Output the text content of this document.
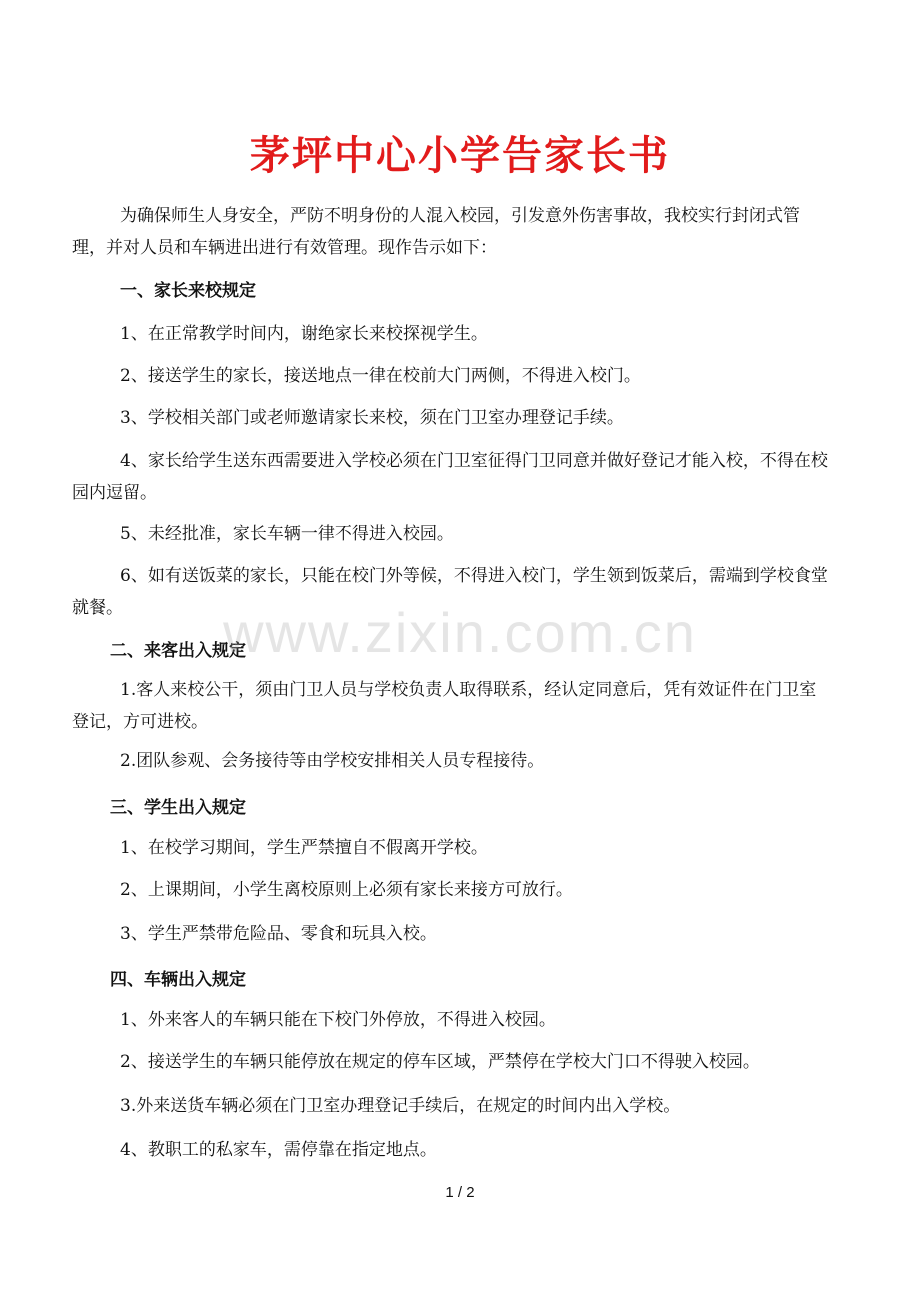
茅坪中心小学告家长书

为确保师生人身安全，严防不明身份的人混入校园，引发意外伤害事故，我校实行封闭式管理，并对人员和车辆进出进行有效管理。现作告示如下：

一、家长来校规定

1、在正常教学时间内，谢绝家长来校探视学生。

2、接送学生的家长，接送地点一律在校前大门两侧，不得进入校门。

3、学校相关部门或老师邀请家长来校，须在门卫室办理登记手续。

4、家长给学生送东西需要进入学校必须在门卫室征得门卫同意并做好登记才能入校，不得在校园内逗留。

5、未经批准，家长车辆一律不得进入校园。

6、如有送饭菜的家长，只能在校门外等候，不得进入校门，学生领到饭菜后，需端到学校食堂就餐。

二、来客出入规定

1.客人来校公干，须由门卫人员与学校负责人取得联系，经认定同意后，凭有效证件在门卫室登记，方可进校。

2.团队参观、会务接待等由学校安排相关人员专程接待。

三、学生出入规定

1、在校学习期间，学生严禁擅自不假离开学校。

2、上课期间，小学生离校原则上必须有家长来接方可放行。

3、学生严禁带危险品、零食和玩具入校。

四、车辆出入规定

1、外来客人的车辆只能在下校门外停放，不得进入校园。

2、接送学生的车辆只能停放在规定的停车区域，严禁停在学校大门口不得驶入校园。

3.外来送货车辆必须在门卫室办理登记手续后，在规定的时间内出入学校。

4、教职工的私家车，需停靠在指定地点。

www.zixin.com.cn
1 / 2
